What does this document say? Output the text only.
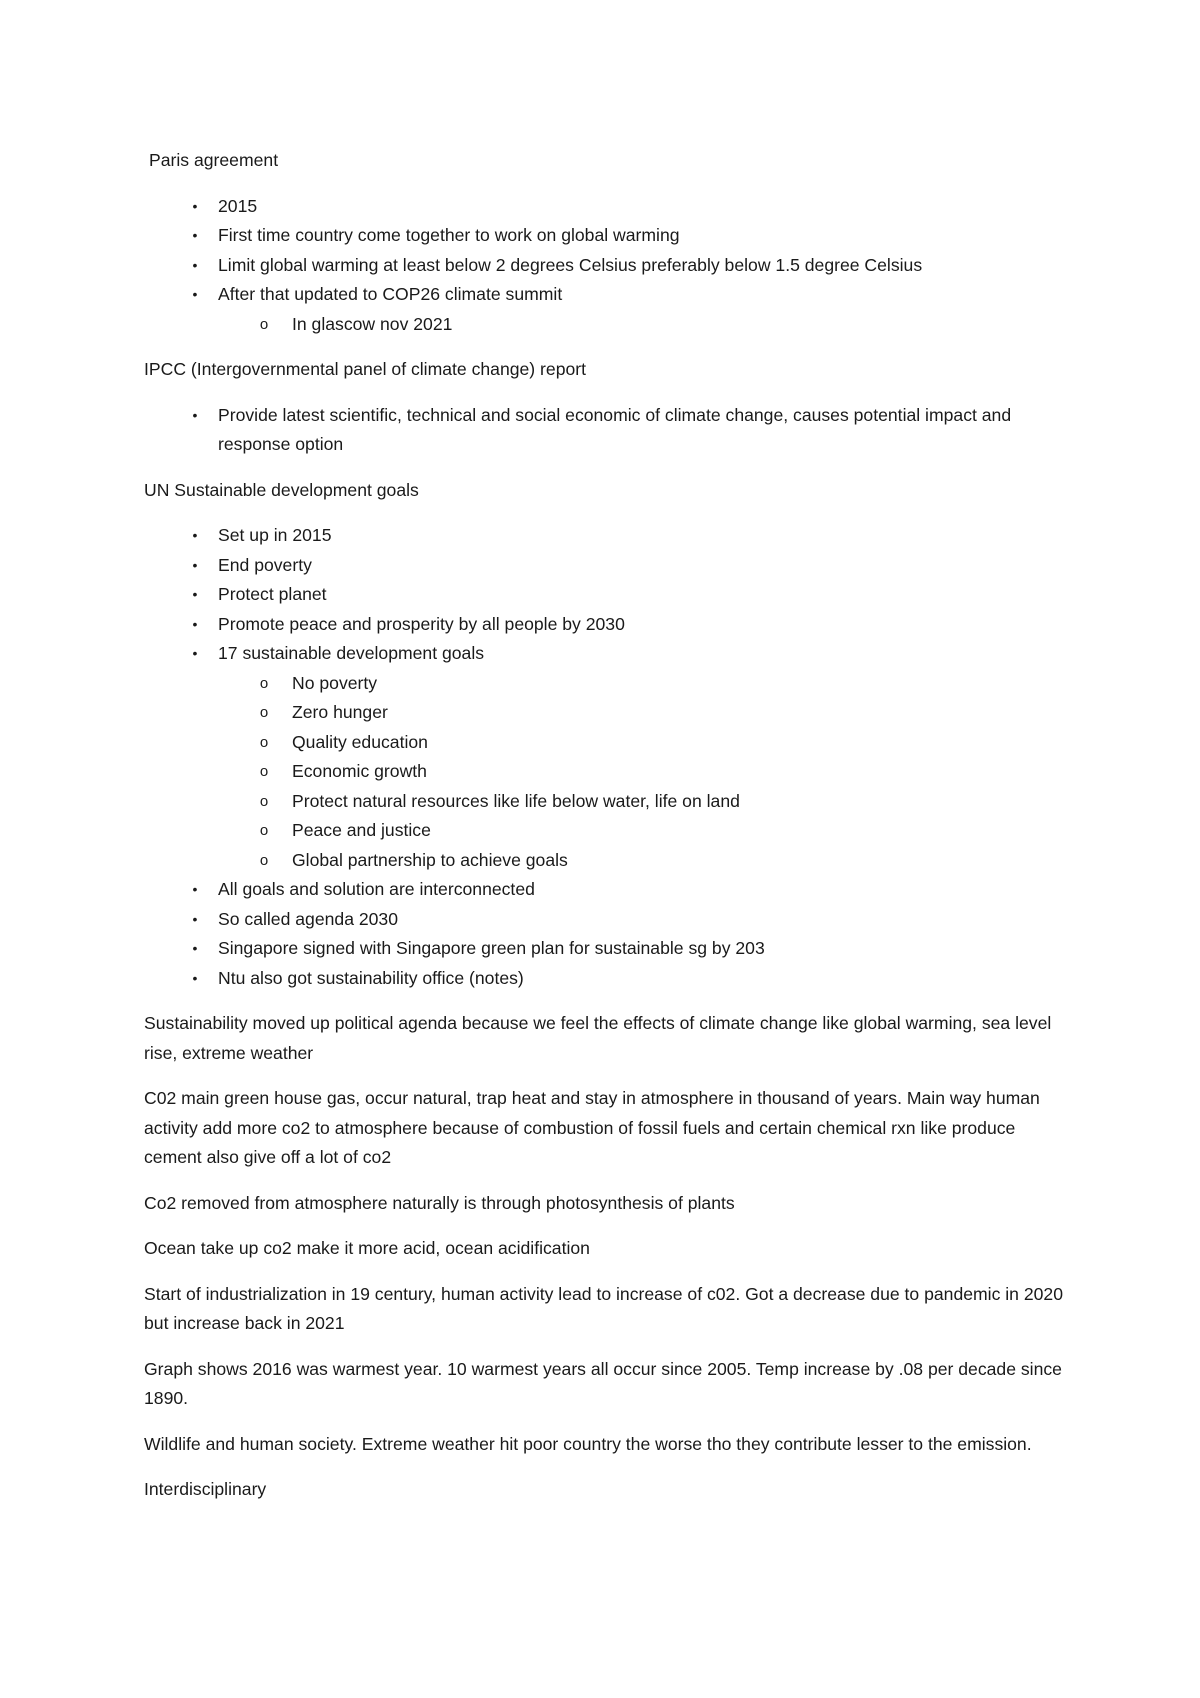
Paris agreement

•	2015
•	First time country come together to work on global warming
•	Limit global warming at least below 2 degrees Celsius preferably below 1.5 degree Celsius
•	After that updated to COP26 climate summit
o In glascow nov 2021

IPCC (Intergovernmental panel of climate change) report

•	Provide latest scientific, technical and social economic of climate change, causes potential impact and response option

UN Sustainable development goals

•	Set up in 2015
•	End poverty
•	Protect planet
•	Promote peace and prosperity by all people by 2030
•	17 sustainable development goals
o No poverty
o Zero hunger
o Quality education
o Economic growth
o Protect natural resources like life below water, life on land
o Peace and justice
o Global partnership to achieve goals
•	All goals and solution are interconnected
•	So called agenda 2030
•	Singapore signed with Singapore green plan for sustainable sg by 203
•	Ntu also got sustainability office (notes)

Sustainability moved up political agenda because we feel the effects of climate change like global warming, sea level rise, extreme weather

C02 main green house gas, occur natural, trap heat and stay in atmosphere in thousand of years. Main way human activity add more co2 to atmosphere because of combustion of fossil fuels and certain chemical rxn like produce cement also give off a lot of co2

Co2 removed from atmosphere naturally is through photosynthesis of plants

Ocean take up co2 make it more acid, ocean acidification

Start of industrialization in 19 century, human activity lead to increase of c02. Got a decrease due to pandemic in 2020 but increase back in 2021

Graph shows 2016 was warmest year. 10 warmest years all occur since 2005. Temp increase by .08 per decade since 1890.

Wildlife and human society. Extreme weather hit poor country the worse tho they contribute lesser to the emission.

Interdisciplinary
